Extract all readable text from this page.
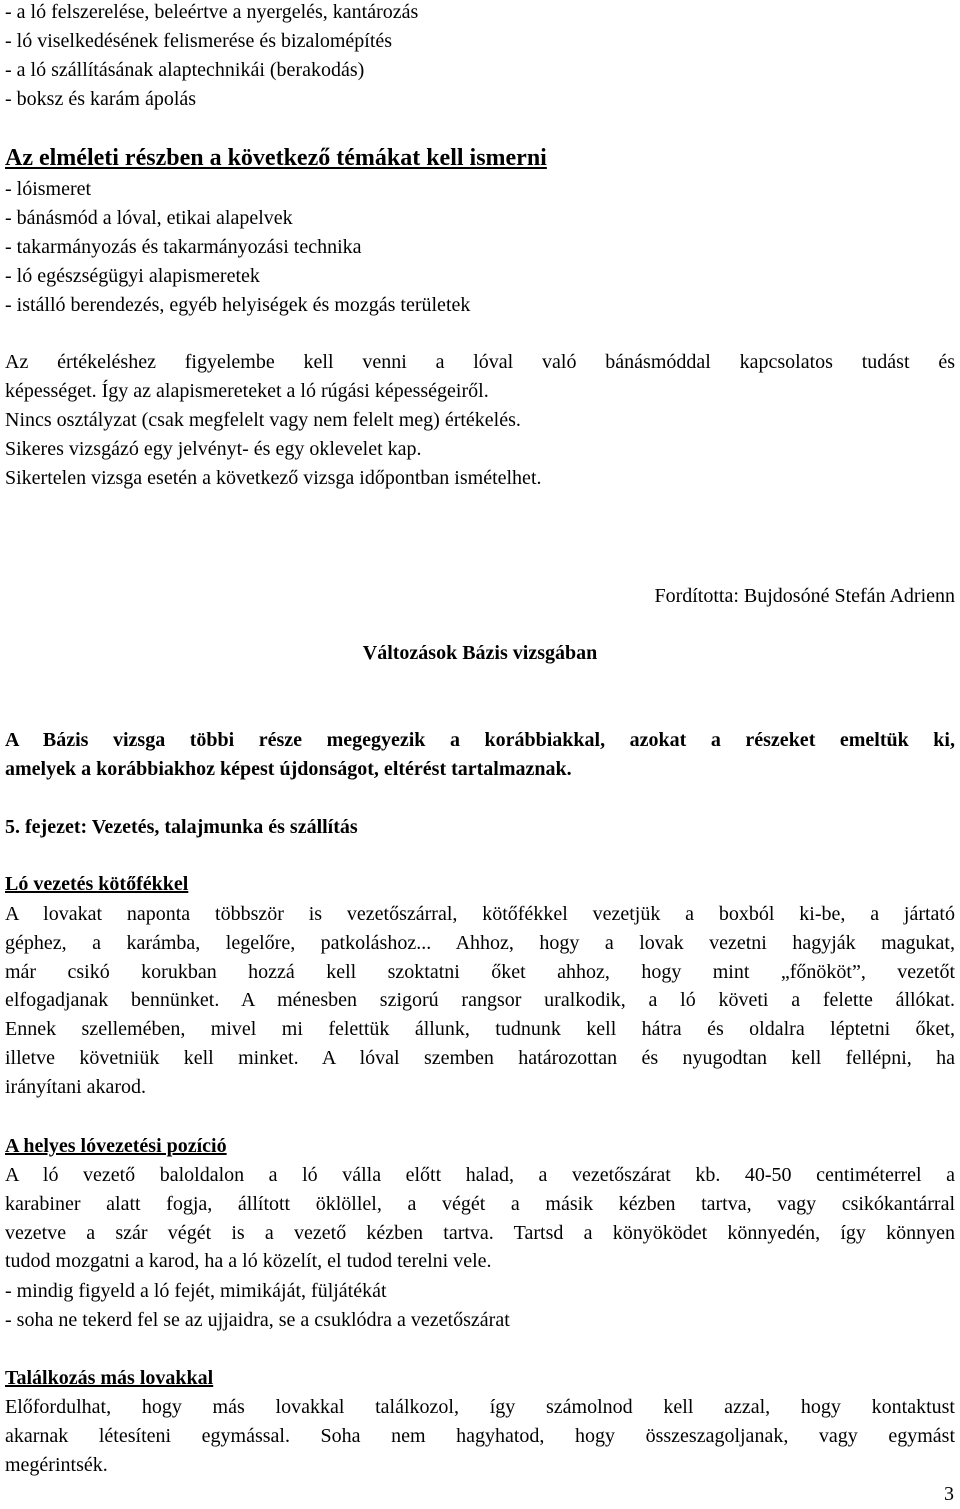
- a ló felszerelése, beleértve a nyergelés, kantározás
- ló viselkedésének felismerése és bizalomépítés
- a ló szállításának alaptechnikái (berakodás)
- boksz és karám ápolás
Az elméleti részben a következő témákat kell ismerni
- lóismeret
- bánásmód a lóval, etikai alapelvek
- takarmányozás és takarmányozási technika
- ló egészségügyi alapismeretek
- istálló berendezés, egyéb helyiségek és mozgás területek
Az értékeléshez figyelembe kell venni a lóval való bánásmóddal kapcsolatos tudást és
képességet. Így az alapismereteket a ló rúgási képességeiről.
Nincs osztályzat (csak megfelelt vagy nem felelt meg) értékelés.
Sikeres vizsgázó egy jelvényt- és egy oklevelet kap.
Sikertelen vizsga esetén a következő vizsga időpontban ismételhet.
Fordította: Bujdosóné Stefán Adrienn
Változások Bázis vizsgában
A Bázis vizsga többi része megegyezik a korábbiakkal, azokat a részeket emeltük ki,
amelyek a korábbiakhoz képest újdonságot, eltérést tartalmaznak.
5. fejezet: Vezetés, talajmunka és szállítás
Ló vezetés kötőfékkel
A lovakat naponta többször is vezetőszárral, kötőfékkel vezetjük a boxból ki-be, a jártató
géphez, a karámba, legelőre, patkoláshoz... Ahhoz, hogy a lovak vezetni hagyják magukat,
már csikó korukban hozzá kell szoktatni őket ahhoz, hogy mint „főnököt”, vezetőt
elfogadjanak bennünket. A ménesben szigorú rangsor uralkodik, a ló követi a felette állókat.
Ennek szellemében, mivel mi felettük állunk, tudnunk kell hátra és oldalra léptetni őket,
illetve követniük kell minket. A lóval szemben határozottan és nyugodtan kell fellépni, ha
irányítani akarod.
A helyes lóvezetési pozíció
A ló vezető baloldalon a ló válla előtt halad, a vezetőszárat kb. 40-50 centiméterrel a
karabiner alatt fogja, állított öklöllel, a végét a másik kézben tartva, vagy csikókantárral
vezetve a szár végét is a vezető kézben tartva. Tartsd a könyöködet könnyedén, így könnyen
tudod mozgatni a karod, ha a ló közelít, el tudod terelni vele.
- mindig figyeld a ló fejét, mimikáját, füljátékát
- soha ne tekerd fel se az ujjaidra, se a csuklódra a vezetőszárat
Találkozás más lovakkal
Előfordulhat, hogy más lovakkal találkozol, így számolnod kell azzal, hogy kontaktust
akarnak létesíteni egymással. Soha nem hagyhatod, hogy összeszagoljanak, vagy egymást
megérintsék.
3
